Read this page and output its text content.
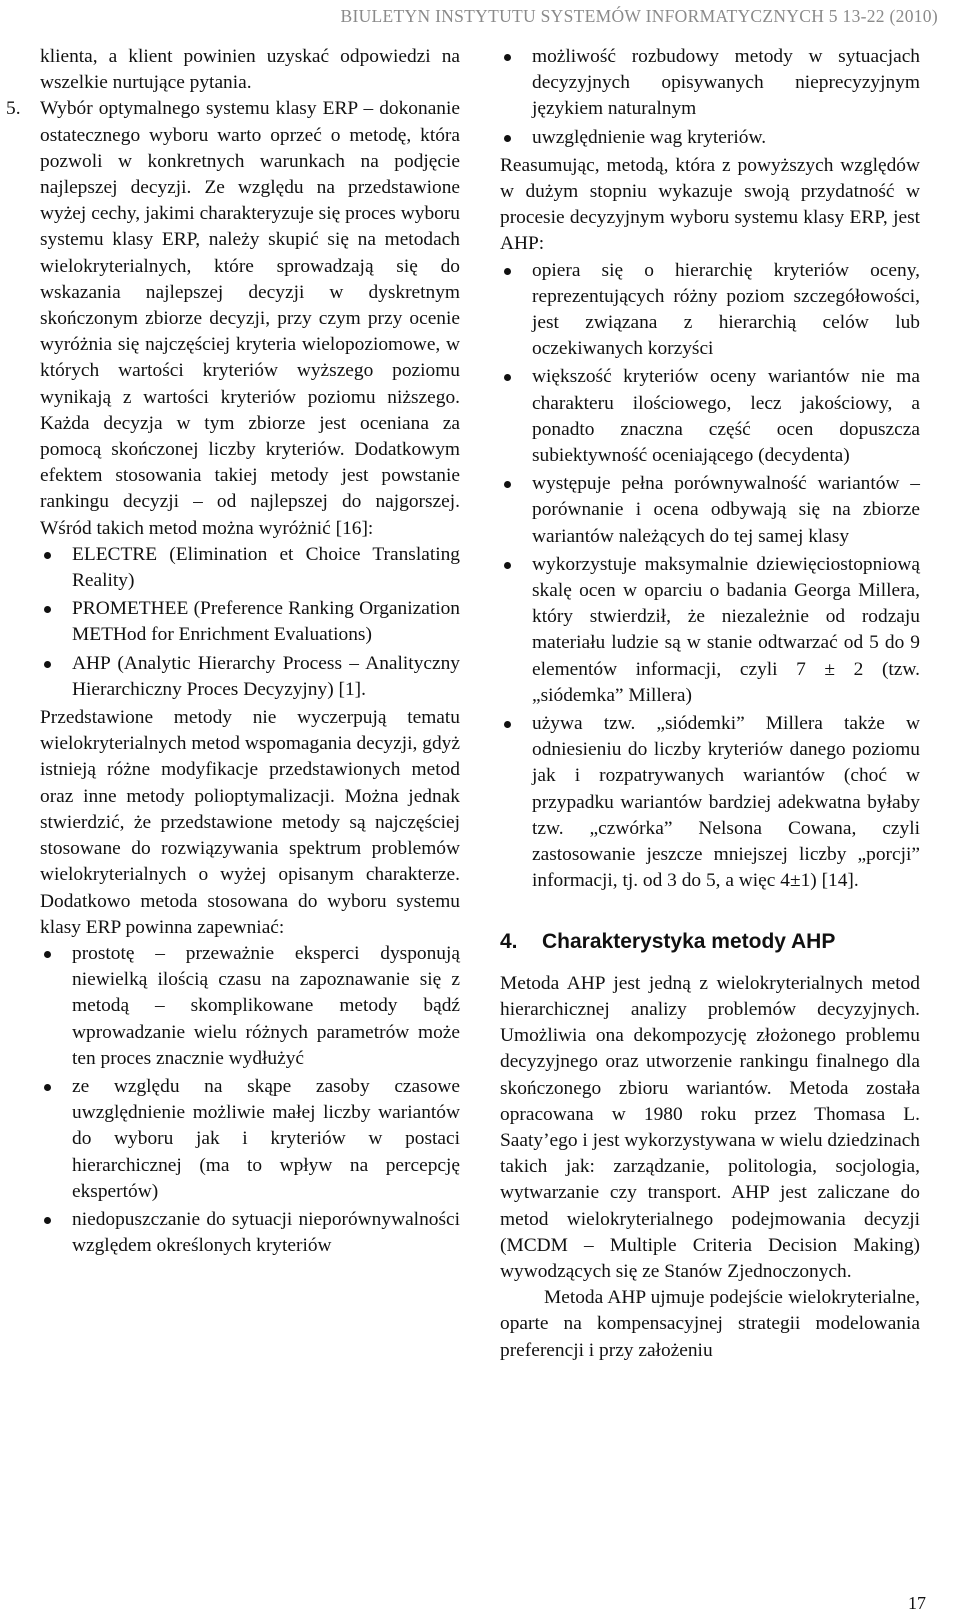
BIULETYN INSTYTUTU SYSTEMÓW INFORMATYCZNYCH 5 13-22 (2010)

klienta, a klient powinien uzyskać odpowiedzi na wszelkie nurtujące pytania.

5.	Wybór optymalnego systemu klasy ERP – dokonanie ostatecznego wyboru warto oprzeć o metodę, która pozwoli w konkretnych warunkach na podjęcie najlepszej decyzji. Ze względu na przedstawione wyżej cechy, jakimi charakteryzuje się proces wyboru systemu klasy ERP, należy skupić się na metodach wielokryterialnych, które sprowadzają się do wskazania najlepszej decyzji w dyskretnym skończonym zbiorze decyzji, przy czym przy ocenie wyróżnia się najczęściej kryteria wielopoziomowe, w których wartości kryteriów wyższego poziomu wynikają z wartości kryteriów poziomu niższego. Każda decyzja w tym zbiorze jest oceniana za pomocą skończonej liczby kryteriów. Dodatkowym efektem stosowania takiej metody jest powstanie rankingu decyzji – od najlepszej do najgorszej. Wśród takich metod można wyróżnić [16]:
ELECTRE (Elimination et Choice Translating Reality)
PROMETHEE (Preference Ranking Organization METHod for Enrichment Evaluations)
AHP (Analytic Hierarchy Process – Analityczny Hierarchiczny Proces Decyzyjny) [1].

Przedstawione metody nie wyczerpują tematu wielokryterialnych metod wspomagania decyzji, gdyż istnieją różne modyfikacje przedstawionych metod oraz inne metody polioptymalizacji. Można jednak stwierdzić, że przedstawione metody są najczęściej stosowane do rozwiązywania spektrum problemów wielokryterialnych o wyżej opisanym charakterze. Dodatkowo metoda stosowana do wyboru systemu klasy ERP powinna zapewniać:

prostotę – przeważnie eksperci dysponują niewielką ilością czasu na zapoznawanie się z metodą – skomplikowane metody bądź wprowadzanie wielu różnych parametrów może ten proces znacznie wydłużyć
ze względu na skąpe zasoby czasowe uwzględnienie możliwie małej liczby wariantów do wyboru jak i kryteriów w postaci hierarchicznej (ma to wpływ na percepcję ekspertów)
niedopuszczanie do sytuacji nieporównywalności względem określonych kryteriów
możliwość rozbudowy metody w sytuacjach decyzyjnych opisywanych nieprecyzyjnym językiem naturalnym
uwzględnienie wag kryteriów.

Reasumując, metodą, która z powyższych względów w dużym stopniu wykazuje swoją przydatność w procesie decyzyjnym wyboru systemu klasy ERP, jest AHP:

opiera się o hierarchię kryteriów oceny, reprezentujących różny poziom szczegółowości, jest związana z hierarchią celów lub oczekiwanych korzyści
większość kryteriów oceny wariantów nie ma charakteru ilościowego, lecz jakościowy, a ponadto znaczna część ocen dopuszcza subiektywność oceniającego (decydenta)
występuje pełna porównywalność wariantów – porównanie i ocena odbywają się na zbiorze wariantów należących do tej samej klasy
wykorzystuje maksymalnie dziewięciostopniową skalę ocen w oparciu o badania Georga Millera, który stwierdził, że niezależnie od rodzaju materiału ludzie są w stanie odtwarzać od 5 do 9 elementów informacji, czyli 7 ± 2 (tzw. „siódemka” Millera)
używa tzw. „siódemki” Millera także w odniesieniu do liczby kryteriów danego poziomu jak i rozpatrywanych wariantów (choć w przypadku wariantów bardziej adekwatna byłaby tzw. „czwórka” Nelsona Cowana, czyli zastosowanie jeszcze mniejszej liczby „porcji” informacji, tj. od 3 do 5, a więc 4±1) [14].
4.	Charakterystyka metody AHP

Metoda AHP jest jedną z wielokryterialnych metod hierarchicznej analizy problemów decyzyjnych. Umożliwia ona dekompozycję złożonego problemu decyzyjnego oraz utworzenie rankingu finalnego dla skończonego zbioru wariantów. Metoda została opracowana w 1980 roku przez Thomasa L. Saaty’ego i jest wykorzystywana w wielu dziedzinach takich jak: zarządzanie, politologia, socjologia, wytwarzanie czy transport. AHP jest zaliczane do metod wielokryterialnego podejmowania decyzji (MCDM – Multiple Criteria Decision Making) wywodzących się ze Stanów Zjednoczonych.

Metoda AHP ujmuje podejście wielokryterialne, oparte na kompensacyjnej strategii modelowania preferencji i przy założeniu

17
